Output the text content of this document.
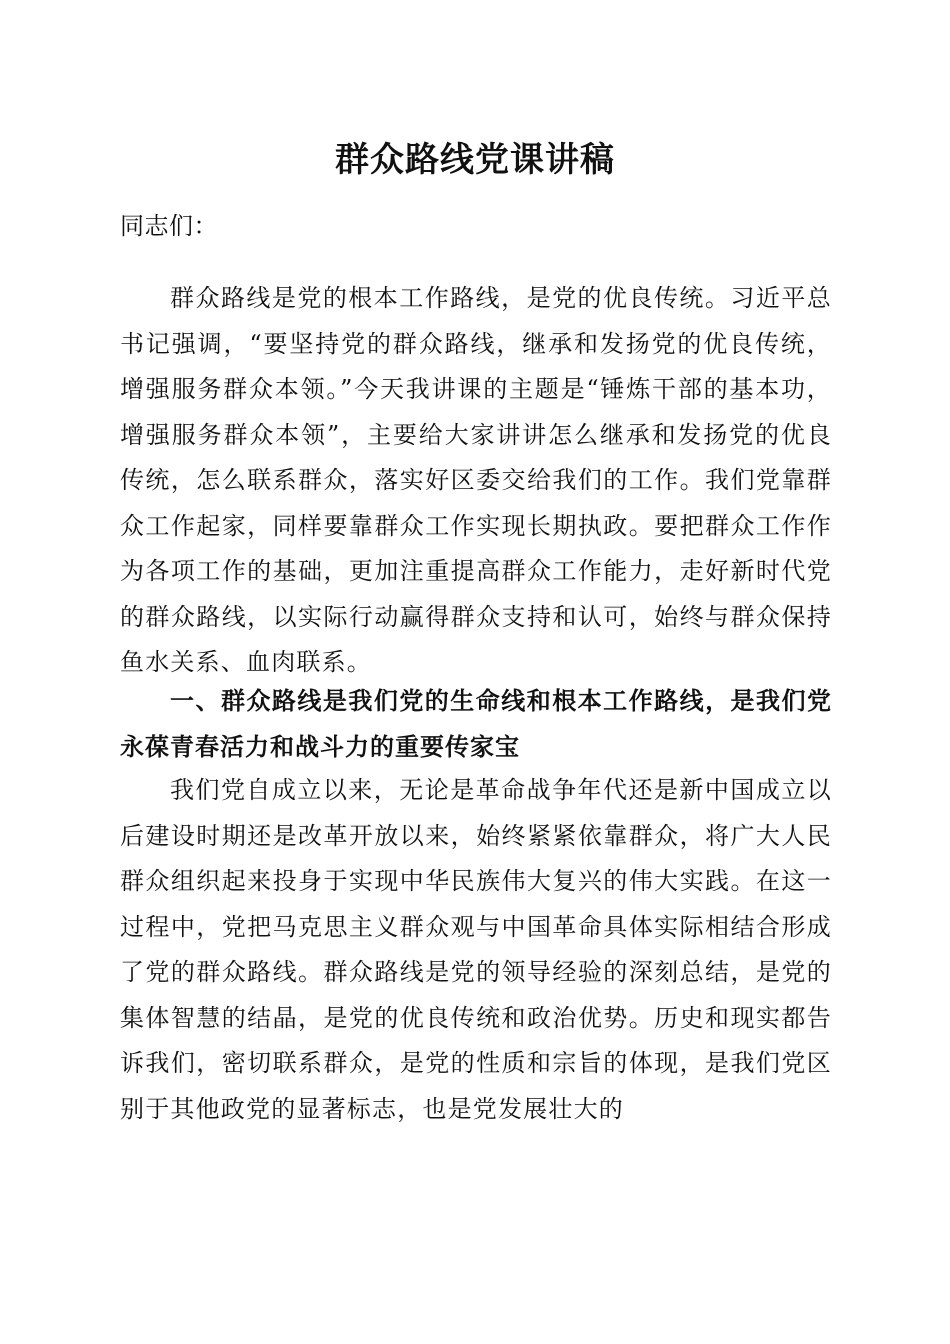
群众路线党课讲稿

同志们：

群众路线是党的根本工作路线，是党的优良传统。习近平总书记强调，“要坚持党的群众路线，继承和发扬党的优良传统，增强服务群众本领。”今天我讲课的主题是“锤炼干部的基本功，增强服务群众本领”，主要给大家讲讲怎么继承和发扬党的优良传统，怎么联系群众，落实好区委交给我们的工作。我们党靠群众工作起家，同样要靠群众工作实现长期执政。要把群众工作作为各项工作的基础，更加注重提高群众工作能力，走好新时代党的群众路线，以实际行动赢得群众支持和认可，始终与群众保持鱼水关系、血肉联系。

一、群众路线是我们党的生命线和根本工作路线，是我们党永葆青春活力和战斗力的重要传家宝

我们党自成立以来，无论是革命战争年代还是新中国成立以后建设时期还是改革开放以来，始终紧紧依靠群众，将广大人民群众组织起来投身于实现中华民族伟大复兴的伟大实践。在这一过程中，党把马克思主义群众观与中国革命具体实际相结合形成了党的群众路线。群众路线是党的领导经验的深刻总结，是党的集体智慧的结晶，是党的优良传统和政治优势。历史和现实都告诉我们，密切联系群众，是党的性质和宗旨的体现，是我们党区别于其他政党的显著标志，也是党发展壮大的
